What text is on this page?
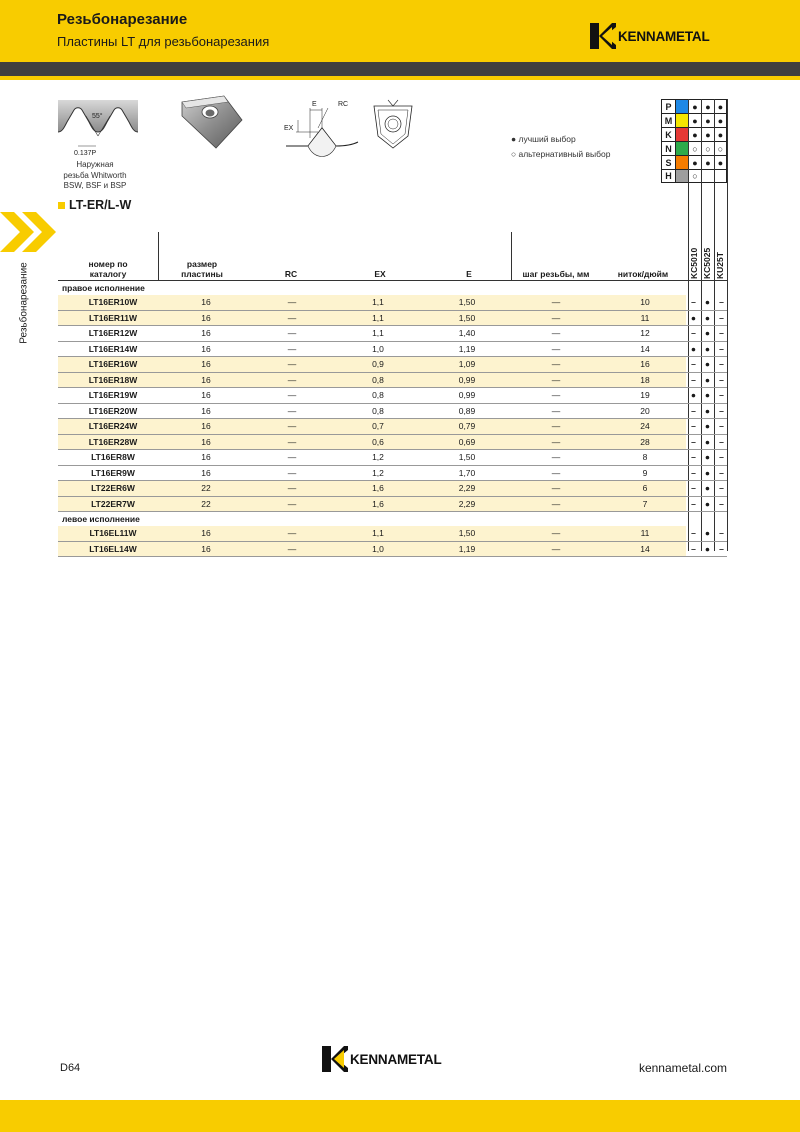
Резьбонарезание
Пластины LT для резьбонарезания	KENNAMETAL
Резьбонарезание
55°
0.137P
Наружная
резьба Whitworth
BSW, BSF и BSP
E	RC
EX
● лучший выбор
○ альтернативный выбор
P	● ● ●
M	● ● ●
K	● ● ●
N	○ ○ ○
S	● ● ●
H	○
LT-ER/L-W
номер по
каталогу
размер
пластины	RC	EX	E	шаг резьбы, мм	ниток/дюйм	KC5010 KC5025 KU25T
правое исполнение
LT16ER10W	16	—	1,1	1,50	—	10	–	●	–
LT16ER11W	16	—	1,1	1,50	—	11	●	●	–
LT16ER12W	16	—	1,1	1,40	—	12	–	●	–
LT16ER14W	16	—	1,0	1,19	—	14	●	●	–
LT16ER16W	16	—	0,9	1,09	—	16	–	●	–
LT16ER18W	16	—	0,8	0,99	—	18	–	●	–
LT16ER19W	16	—	0,8	0,99	—	19	●	●	–
LT16ER20W	16	—	0,8	0,89	—	20	–	●	–
LT16ER24W	16	—	0,7	0,79	—	24	–	●	–
LT16ER28W	16	—	0,6	0,69	—	28	–	●	–
LT16ER8W	16	—	1,2	1,50	—	8	–	●	–
LT16ER9W	16	—	1,2	1,70	—	9	–	●	–
LT22ER6W	22	—	1,6	2,29	—	6	–	●	–
LT22ER7W	22	—	1,6	2,29	—	7	–	●	–
левое исполнение
LT16EL11W	16	—	1,1	1,50	—	11	–	●	–
LT16EL14W	16	—	1,0	1,19	—	14	–	●	–
D64
KENNAMETAL
kennametal.com
